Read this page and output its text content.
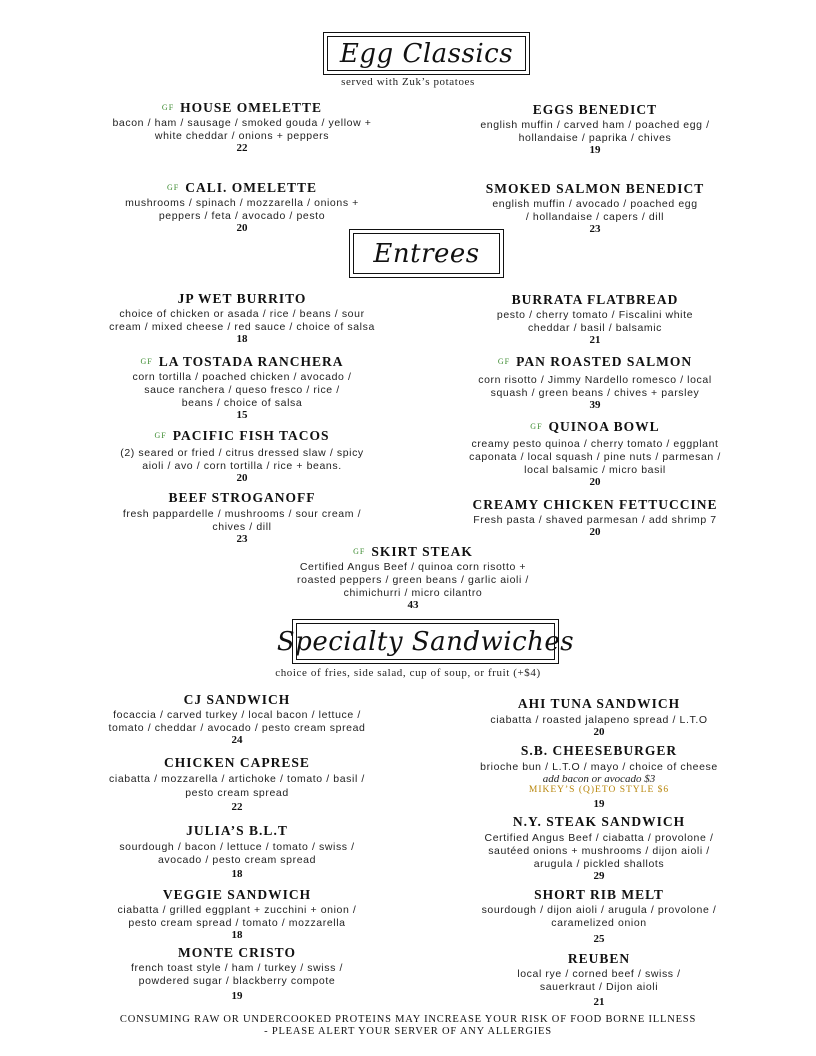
Egg Classics
served with Zuk’s potatoes
GF HOUSE OMELETTE
bacon / ham / sausage / smoked gouda / yellow +
white cheddar / onions + peppers
22
EGGS BENEDICT
english muffin / carved ham / poached egg /
hollandaise / paprika / chives
19
GF CALI. OMELETTE
mushrooms / spinach / mozzarella / onions +
peppers / feta / avocado / pesto
20
SMOKED SALMON BENEDICT
english muffin / avocado / poached egg
/ hollandaise / capers / dill
23
Entrees
JP WET BURRITO
choice of chicken or asada / rice / beans / sour
cream / mixed cheese / red sauce / choice of salsa
18
BURRATA FLATBREAD
pesto / cherry tomato / Fiscalini white
cheddar / basil / balsamic
21
GF LA TOSTADA RANCHERA
corn tortilla / poached chicken / avocado /
sauce ranchera / queso fresco / rice /
beans / choice of salsa
15
GF PAN ROASTED SALMON
corn risotto / Jimmy Nardello romesco / local
squash / green beans / chives + parsley
39
GF PACIFIC FISH TACOS
(2) seared or fried / citrus dressed slaw / spicy
aioli / avo / corn tortilla / rice + beans.
20
GF QUINOA BOWL
creamy pesto quinoa / cherry tomato / eggplant
caponata / local squash / pine nuts / parmesan /
local balsamic / micro basil
20
BEEF STROGANOFF
fresh pappardelle / mushrooms / sour cream /
chives / dill
23
CREAMY CHICKEN FETTUCCINE
Fresh pasta / shaved parmesan / add shrimp 7
20
GF SKIRT STEAK
Certified Angus Beef / quinoa corn risotto +
roasted peppers / green beans / garlic aioli /
chimichurri / micro cilantro
43
Specialty Sandwiches
choice of fries, side salad, cup of soup, or fruit (+$4)
CJ SANDWICH
focaccia / carved turkey / local bacon / lettuce /
tomato / cheddar / avocado / pesto cream spread
24
AHI TUNA SANDWICH
ciabatta / roasted jalapeno spread / L.T.O
20
CHICKEN CAPRESE
ciabatta / mozzarella / artichoke / tomato / basil /
pesto cream spread
22
S.B. CHEESEBURGER
brioche bun / L.T.O / mayo / choice of cheese
add bacon or avocado $3
MIKEY’S (Q)ETO STYLE $6
19
JULIA’S B.L.T
sourdough / bacon / lettuce / tomato / swiss /
avocado / pesto cream spread
18
N.Y. STEAK SANDWICH
Certified Angus Beef / ciabatta / provolone /
sautéed onions + mushrooms / dijon aioli /
arugula / pickled shallots
29
VEGGIE SANDWICH
ciabatta / grilled eggplant + zucchini + onion /
pesto cream spread / tomato / mozzarella
18
SHORT RIB MELT
sourdough / dijon aioli / arugula / provolone /
caramelized onion
25
MONTE CRISTO
french toast style / ham / turkey / swiss /
powdered sugar / blackberry compote
19
REUBEN
local rye / corned beef / swiss /
sauerkraut / Dijon aioli
21
CONSUMING RAW OR UNDERCOOKED PROTEINS MAY INCREASE YOUR RISK OF FOOD BORNE ILLNESS
- PLEASE ALERT YOUR SERVER OF ANY ALLERGIES
